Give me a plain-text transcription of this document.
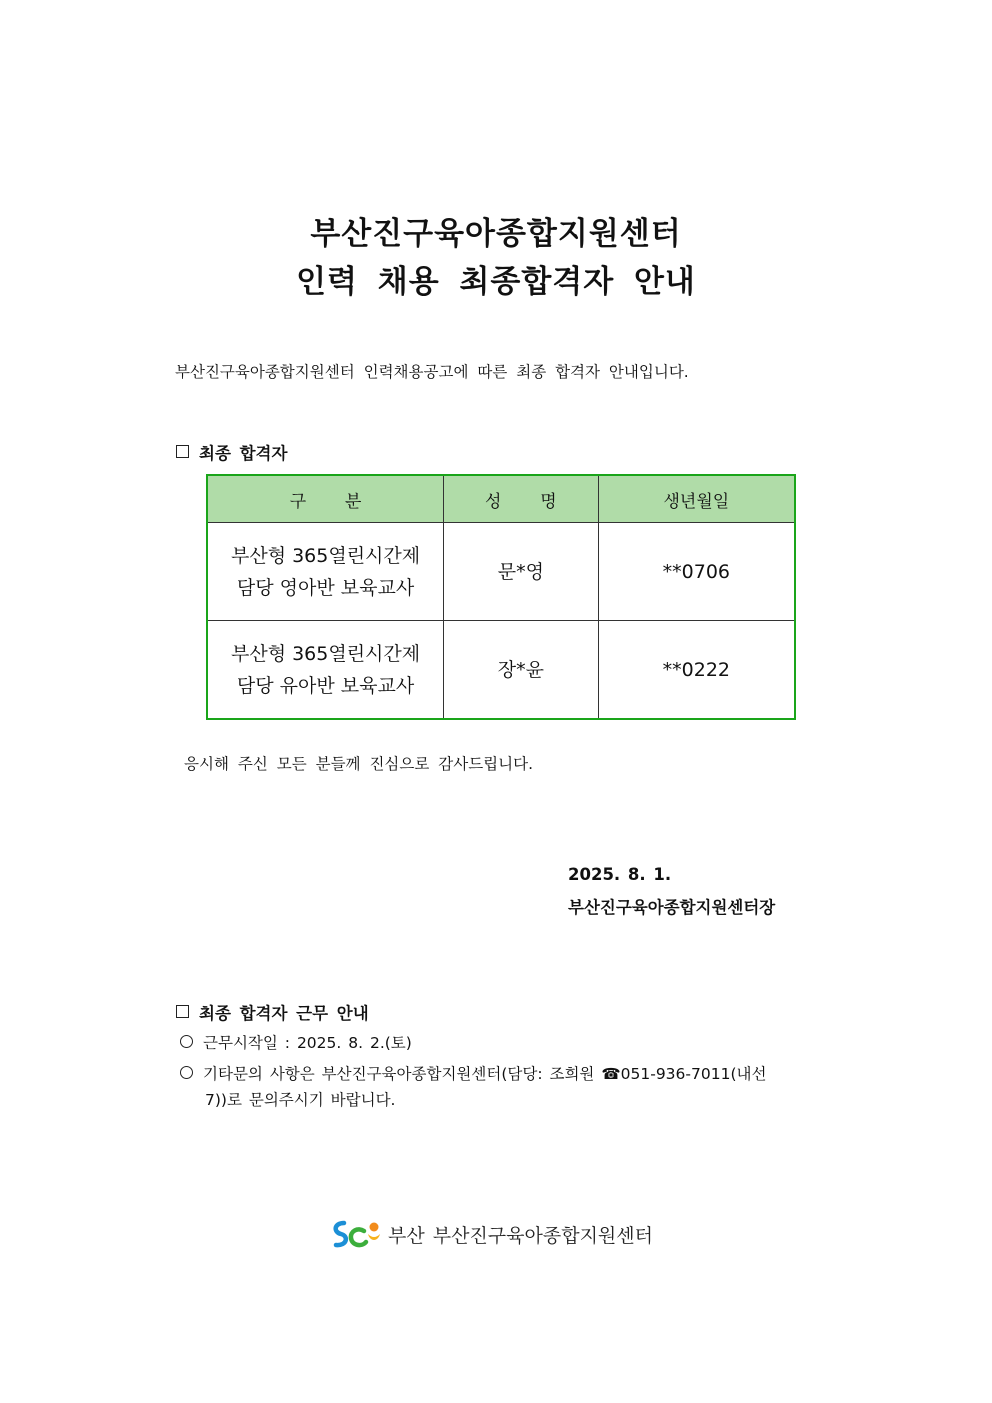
부산진구육아종합지원센터
인력 채용 최종합격자 안내
부산진구육아종합지원센터 인력채용공고에 따른 최종 합격자 안내입니다.
최종 합격자
구  분	성  명	생년월일

부산형 365열린시간제
담당 영아반 보육교사	문*영	**0706

부산형 365열린시간제
담당 유아반 보육교사	장*윤	**0222
응시해 주신 모든 분들께 진심으로 감사드립니다.
2025. 8. 1.
부산진구육아종합지원센터장
최종 합격자 근무 안내
근무시작일 : 2025. 8. 2.(토)
기타문의 사항은 부산진구육아종합지원센터(담당: 조희원 ☎051-936-7011(내선
7))로 문의주시기 바랍니다.
부산 부산진구육아종합지원센터
